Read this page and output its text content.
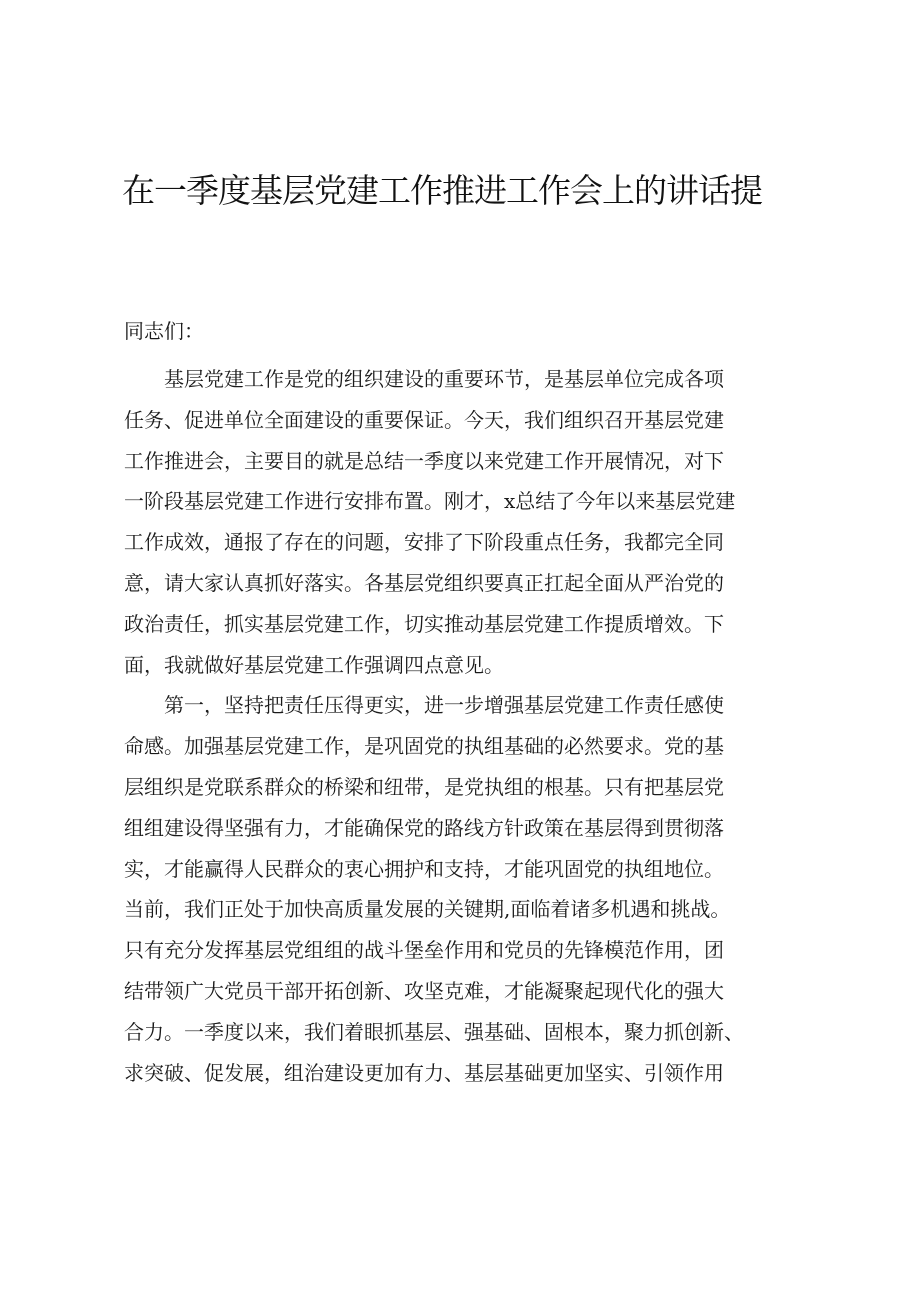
在一季度基层党建工作推进工作会上的讲话提

同志们：

　　基层党建工作是党的组织建设的重要环节，是基层单位完成各项
任务、促进单位全面建设的重要保证。今天，我们组织召开基层党建
工作推进会，主要目的就是总结一季度以来党建工作开展情况，对下
一阶段基层党建工作进行安排布置。刚才，x总结了今年以来基层党建
工作成效，通报了存在的问题，安排了下阶段重点任务，我都完全同
意，请大家认真抓好落实。各基层党组织要真正扛起全面从严治党的
政治责任，抓实基层党建工作，切实推动基层党建工作提质增效。下
面，我就做好基层党建工作强调四点意见。

　　第一，坚持把责任压得更实，进一步增强基层党建工作责任感使
命感。加强基层党建工作，是巩固党的执组基础的必然要求。党的基
层组织是党联系群众的桥梁和纽带，是党执组的根基。只有把基层党
组组建设得坚强有力，才能确保党的路线方针政策在基层得到贯彻落
实，才能赢得人民群众的衷心拥护和支持，才能巩固党的执组地位。
当前，我们正处于加快高质量发展的关键期,面临着诸多机遇和挑战。
只有充分发挥基层党组组的战斗堡垒作用和党员的先锋模范作用，团
结带领广大党员干部开拓创新、攻坚克难，才能凝聚起现代化的强大
合力。一季度以来，我们着眼抓基层、强基础、固根本，聚力抓创新、
求突破、促发展，组治建设更加有力、基层基础更加坚实、引领作用
